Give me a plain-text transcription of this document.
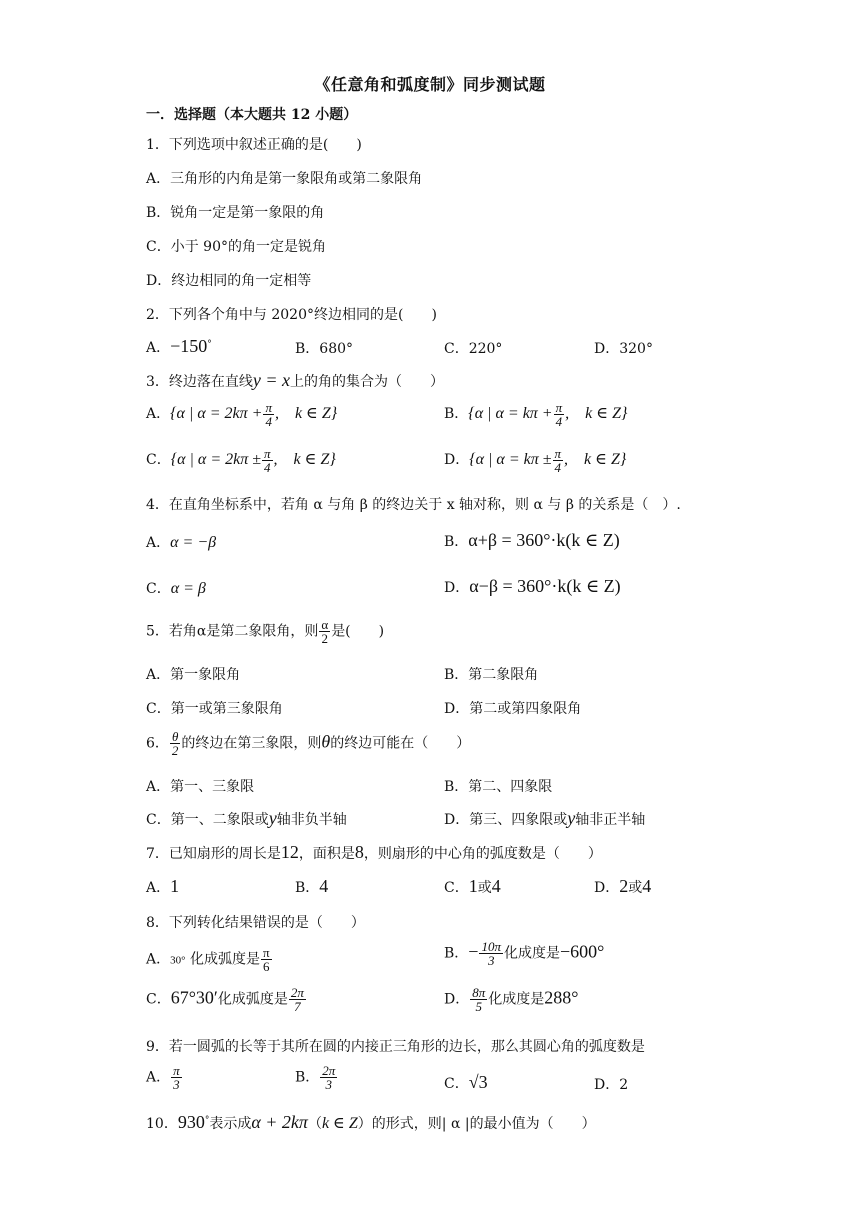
《任意角和弧度制》同步测试题
一．选择题（本大题共 12 小题）
1．下列选项中叙述正确的是(　　)
A．三角形的内角是第一象限角或第二象限角
B．锐角一定是第一象限的角
C．小于 90°的角一定是锐角
D．终边相同的角一定相等
2．下列各个角中与 2020°终边相同的是(　　)
A．−150°	B．680°	C．220°	D．320°
3．终边落在直线y = x上的角的集合为（　　）
A．{α | $\alpha = 2k\pi + \frac{\pi}{4}$ ,　k ∈ Z}	B．{α | $\alpha = k\pi + \frac{\pi}{4}$ ,　k ∈ Z}
C．{α | $\alpha = 2k\pi \pm \frac{\pi}{4}$ ,　k ∈ Z}	D．{α | $\alpha = k\pi \pm \frac{\pi}{4}$ ,　k ∈ Z}
4．在直角坐标系中，若角 α 与角 β 的终边关于 x 轴对称，则 α 与 β 的关系是（　）.
A．α = −β	B．α+β = 360°·k(k ∈ Z)
C．α = β	D．α−β = 360°·k(k ∈ Z)
5．若角α是第二象限角，则 $\frac{\alpha}{2}$ 是(　　)
A．第一象限角	B．第二象限角
C．第一或第三象限角	D．第二或第四象限角
6． $\frac{\theta}{2}$ 的终边在第三象限，则θ的终边可能在（　　）
A．第一、三象限	B．第二、四象限
C．第一、二象限或y轴非负半轴	D．第三、四象限或y轴非正半轴
7．已知扇形的周长是12，面积是8，则扇形的中心角的弧度数是（　　）
A．1	B．4	C．1或4	D．2或4
8．下列转化结果错误的是（　　）
A．30° 化成弧度是 $\frac{\pi}{6}$	B．− $\frac{10\pi}{3}$ 化成度是−600°
C．67°30′化成弧度是 $\frac{2\pi}{7}$	D． $\frac{8\pi}{5}$ 化成度是288°
9．若一圆弧的长等于其所在圆的内接正三角形的边长，那么其圆心角的弧度数是
A． $\frac{\pi}{3}$	B． $\frac{2\pi}{3}$	C．√3	D．2
10．930°表示成α + 2kπ（k ∈ Z）的形式，则| α |的最小值为（　　）
